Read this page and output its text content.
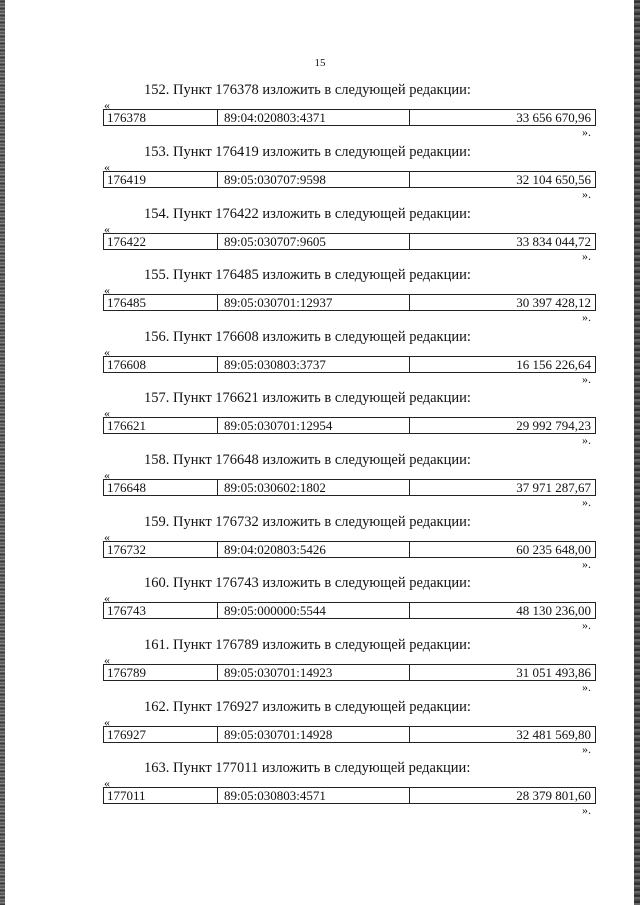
15
152. Пункт 176378 изложить в следующей редакции:
«
176378	89:04:020803:4371	33 656 670,96
».
153. Пункт 176419 изложить в следующей редакции:
«
176419	89:05:030707:9598	32 104 650,56
».
154. Пункт 176422 изложить в следующей редакции:
«
176422	89:05:030707:9605	33 834 044,72
».
155. Пункт 176485 изложить в следующей редакции:
«
176485	89:05:030701:12937	30 397 428,12
».
156. Пункт 176608 изложить в следующей редакции:
«
176608	89:05:030803:3737	16 156 226,64
».
157. Пункт 176621 изложить в следующей редакции:
«
176621	89:05:030701:12954	29 992 794,23
».
158. Пункт 176648 изложить в следующей редакции:
«
176648	89:05:030602:1802	37 971 287,67
».
159. Пункт 176732 изложить в следующей редакции:
«
176732	89:04:020803:5426	60 235 648,00
».
160. Пункт 176743 изложить в следующей редакции:
«
176743	89:05:000000:5544	48 130 236,00
».
161. Пункт 176789 изложить в следующей редакции:
«
176789	89:05:030701:14923	31 051 493,86
».
162. Пункт 176927 изложить в следующей редакции:
«
176927	89:05:030701:14928	32 481 569,80
».
163. Пункт 177011 изложить в следующей редакции:
«
177011	89:05:030803:4571	28 379 801,60
».
